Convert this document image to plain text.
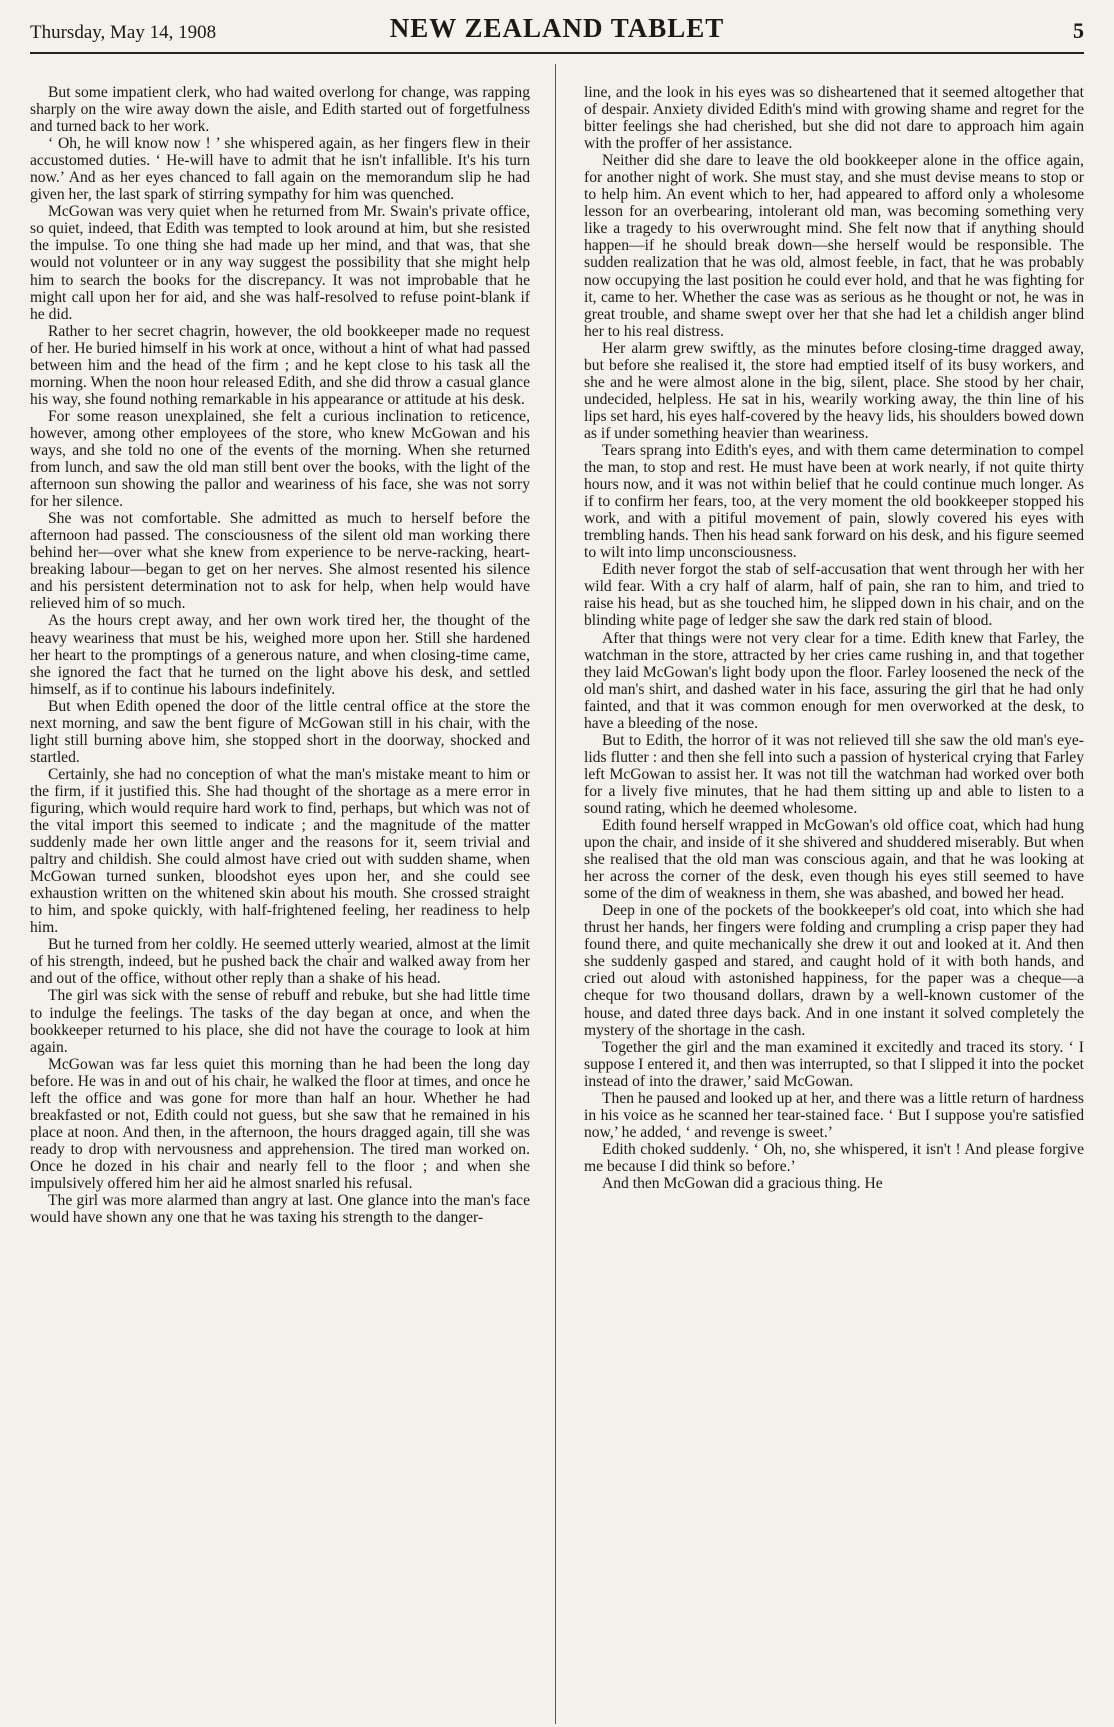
Thursday, May 14, 1908	NEW ZEALAND TABLET	5

But some impatient clerk, who had waited overlong for change, was rapping sharply on the wire away down the aisle, and Edith started out of forgetfulness and turned back to her work.

‘ Oh, he will know now ! ’ she whispered again, as her fingers flew in their accustomed duties. ‘ He-will have to admit that he isn't infallible. It's his turn now.’ And as her eyes chanced to fall again on the memorandum slip he had given her, the last spark of stirring sympathy for him was quenched.

McGowan was very quiet when he returned from Mr. Swain's private office, so quiet, indeed, that Edith was tempted to look around at him, but she resisted the impulse. To one thing she had made up her mind, and that was, that she would not volunteer or in any way suggest the possibility that she might help him to search the books for the discrepancy. It was not improbable that he might call upon her for aid, and she was half-resolved to refuse point-blank if he did.

Rather to her secret chagrin, however, the old bookkeeper made no request of her. He buried himself in his work at once, without a hint of what had passed between him and the head of the firm ; and he kept close to his task all the morning. When the noon hour released Edith, and she did throw a casual glance his way, she found nothing remarkable in his appearance or attitude at his desk.

For some reason unexplained, she felt a curious inclination to reticence, however, among other employees of the store, who knew McGowan and his ways, and she told no one of the events of the morning. When she returned from lunch, and saw the old man still bent over the books, with the light of the afternoon sun showing the pallor and weariness of his face, she was not sorry for her silence.

She was not comfortable. She admitted as much to herself before the afternoon had passed. The consciousness of the silent old man working there behind her—over what she knew from experience to be nerve-racking, heart-breaking labour—began to get on her nerves. She almost resented his silence and his persistent determination not to ask for help, when help would have relieved him of so much.

As the hours crept away, and her own work tired her, the thought of the heavy weariness that must be his, weighed more upon her. Still she hardened her heart to the promptings of a generous nature, and when closing-time came, she ignored the fact that he turned on the light above his desk, and settled himself, as if to continue his labours indefinitely.

But when Edith opened the door of the little central office at the store the next morning, and saw the bent figure of McGowan still in his chair, with the light still burning above him, she stopped short in the doorway, shocked and startled.

Certainly, she had no conception of what the man's mistake meant to him or the firm, if it justified this. She had thought of the shortage as a mere error in figuring, which would require hard work to find, perhaps, but which was not of the vital import this seemed to indicate ; and the magnitude of the matter suddenly made her own little anger and the reasons for it, seem trivial and paltry and childish. She could almost have cried out with sudden shame, when McGowan turned sunken, bloodshot eyes upon her, and she could see exhaustion written on the whitened skin about his mouth. She crossed straight to him, and spoke quickly, with half-frightened feeling, her readiness to help him.

But he turned from her coldly. He seemed utterly wearied, almost at the limit of his strength, indeed, but he pushed back the chair and walked away from her and out of the office, without other reply than a shake of his head.

The girl was sick with the sense of rebuff and rebuke, but she had little time to indulge the feelings. The tasks of the day began at once, and when the bookkeeper returned to his place, she did not have the courage to look at him again.

McGowan was far less quiet this morning than he had been the long day before. He was in and out of his chair, he walked the floor at times, and once he left the office and was gone for more than half an hour. Whether he had breakfasted or not, Edith could not guess, but she saw that he remained in his place at noon. And then, in the afternoon, the hours dragged again, till she was ready to drop with nervousness and apprehension. The tired man worked on. Once he dozed in his chair and nearly fell to the floor ; and when she impulsively offered him her aid he almost snarled his refusal.

The girl was more alarmed than angry at last. One glance into the man's face would have shown any one that he was taxing his strength to the danger-

line, and the look in his eyes was so disheartened that it seemed altogether that of despair. Anxiety divided Edith's mind with growing shame and regret for the bitter feelings she had cherished, but she did not dare to approach him again with the proffer of her assistance.

Neither did she dare to leave the old bookkeeper alone in the office again, for another night of work. She must stay, and she must devise means to stop or to help him. An event which to her, had appeared to afford only a wholesome lesson for an overbearing, intolerant old man, was becoming something very like a tragedy to his overwrought mind. She felt now that if anything should happen—if he should break down—she herself would be responsible. The sudden realization that he was old, almost feeble, in fact, that he was probably now occupying the last position he could ever hold, and that he was fighting for it, came to her. Whether the case was as serious as he thought or not, he was in great trouble, and shame swept over her that she had let a childish anger blind her to his real distress.

Her alarm grew swiftly, as the minutes before closing-time dragged away, but before she realised it, the store had emptied itself of its busy workers, and she and he were almost alone in the big, silent, place. She stood by her chair, undecided, helpless. He sat in his, wearily working away, the thin line of his lips set hard, his eyes half-covered by the heavy lids, his shoulders bowed down as if under something heavier than weariness.

Tears sprang into Edith's eyes, and with them came determination to compel the man, to stop and rest. He must have been at work nearly, if not quite thirty hours now, and it was not within belief that he could continue much longer. As if to confirm her fears, too, at the very moment the old bookkeeper stopped his work, and with a pitiful movement of pain, slowly covered his eyes with trembling hands. Then his head sank forward on his desk, and his figure seemed to wilt into limp unconsciousness.

Edith never forgot the stab of self-accusation that went through her with her wild fear. With a cry half of alarm, half of pain, she ran to him, and tried to raise his head, but as she touched him, he slipped down in his chair, and on the blinding white page of ledger she saw the dark red stain of blood.

After that things were not very clear for a time. Edith knew that Farley, the watchman in the store, attracted by her cries came rushing in, and that together they laid McGowan's light body upon the floor. Farley loosened the neck of the old man's shirt, and dashed water in his face, assuring the girl that he had only fainted, and that it was common enough for men overworked at the desk, to have a bleeding of the nose.

But to Edith, the horror of it was not relieved till she saw the old man's eye-lids flutter : and then she fell into such a passion of hysterical crying that Farley left McGowan to assist her. It was not till the watchman had worked over both for a lively five minutes, that he had them sitting up and able to listen to a sound rating, which he deemed wholesome.

Edith found herself wrapped in McGowan's old office coat, which had hung upon the chair, and inside of it she shivered and shuddered miserably. But when she realised that the old man was conscious again, and that he was looking at her across the corner of the desk, even though his eyes still seemed to have some of the dim of weakness in them, she was abashed, and bowed her head.

Deep in one of the pockets of the bookkeeper's old coat, into which she had thrust her hands, her fingers were folding and crumpling a crisp paper they had found there, and quite mechanically she drew it out and looked at it. And then she suddenly gasped and stared, and caught hold of it with both hands, and cried out aloud with astonished happiness, for the paper was a cheque—a cheque for two thousand dollars, drawn by a well-known customer of the house, and dated three days back. And in one instant it solved completely the mystery of the shortage in the cash.

Together the girl and the man examined it excitedly and traced its story. ‘ I suppose I entered it, and then was interrupted, so that I slipped it into the pocket instead of into the drawer,’ said McGowan.

Then he paused and looked up at her, and there was a little return of hardness in his voice as he scanned her tear-stained face. ‘ But I suppose you're satisfied now,’ he added, ‘ and revenge is sweet.’

Edith choked suddenly. ‘ Oh, no, she whispered, it isn't ! And please forgive me because I did think so before.’

And then McGowan did a gracious thing. He
